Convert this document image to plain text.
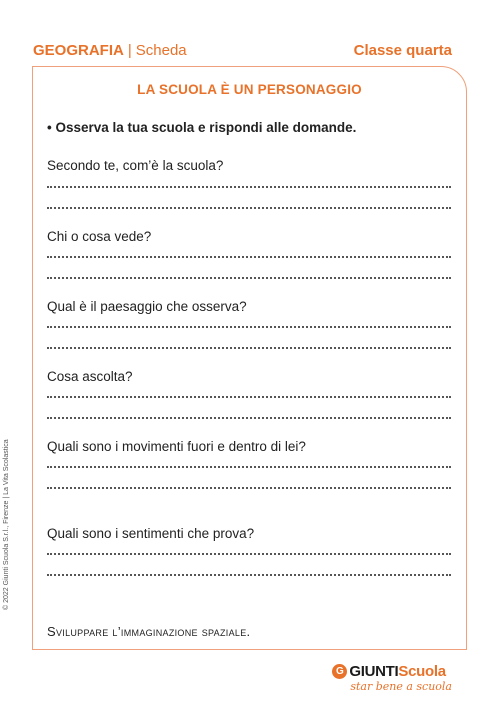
GEOGRAFIA | Scheda	Classe quarta
LA SCUOLA È UN PERSONAGGIO
• Osserva la tua scuola e rispondi alle domande.
Secondo te, com’è la scuola?
Chi o cosa vede?
Qual è il paesaggio che osserva?
Cosa ascolta?
Quali sono i movimenti fuori e dentro di lei?
Quali sono i sentimenti che prova?
Sviluppare l’immaginazione spaziale.
© 2022 Giunti Scuola S.r.l., Firenze | La Vita Scolastica
G GIUNTI Scuola
star bene a scuola
